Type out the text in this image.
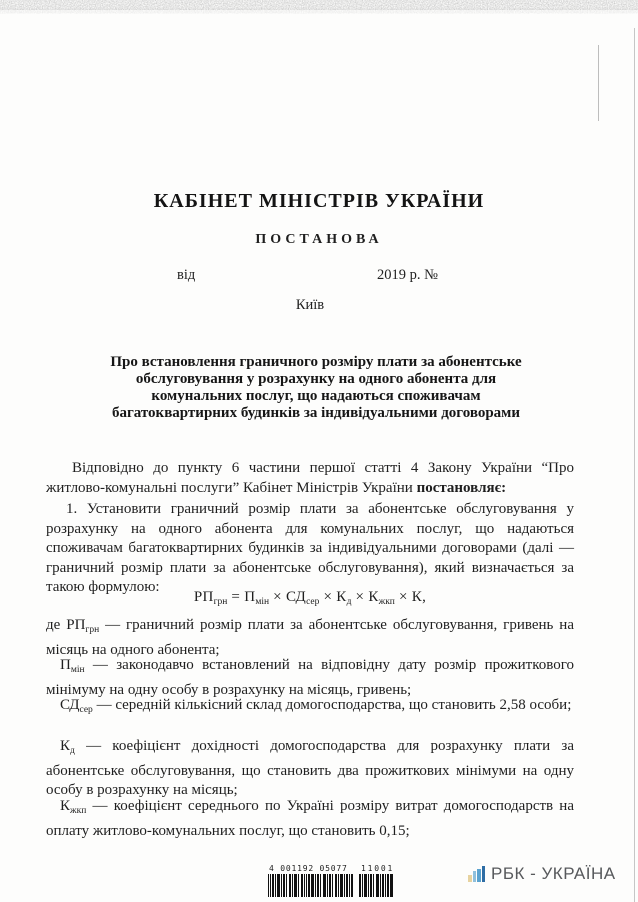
КАБІНЕТ МІНІСТРІВ УКРАЇНИ
ПОСТАНОВА
від	2019 р. №
Київ
Про встановлення граничного розміру плати за абонентське обслуговування у розрахунку на одного абонента для комунальних послуг, що надаються споживачам багатоквартирних будинків за індивідуальними договорами
Відповідно до пункту 6 частини першої статті 4 Закону України “Про житлово-комунальні послуги” Кабінет Міністрів України постановляє:
1. Установити граничний розмір плати за абонентське обслуговування у розрахунку на одного абонента для комунальних послуг, що надаються споживачам багатоквартирних будинків за індивідуальними договорами (далі — граничний розмір плати за абонентське обслуговування), який визначається за такою формулою:
$РП_{грн} = П_{мін} \times СД_{сер} \times К_д \times К_{жкп} \times К$,
де $РП_{грн}$ — граничний розмір плати за абонентське обслуговування, гривень на місяць на одного абонента;
$П_{мін}$ — законодавчо встановлений на відповідну дату розмір прожиткового мінімуму на одну особу в розрахунку на місяць, гривень;
$СД_{сер}$ — середній кількісний склад домогосподарства, що становить 2,58 особи;
$К_д$ — коефіцієнт дохідності домогосподарства для розрахунку плати за абонентське обслуговування, що становить два прожиткових мінімуми на одну особу в розрахунку на місяць;
$К_{жкп}$ — коефіцієнт середнього по Україні розміру витрат домогосподарств на оплату житлово-комунальних послуг, що становить 0,15;
4 001192 05077 11001	РБК - УКРАЇНА
